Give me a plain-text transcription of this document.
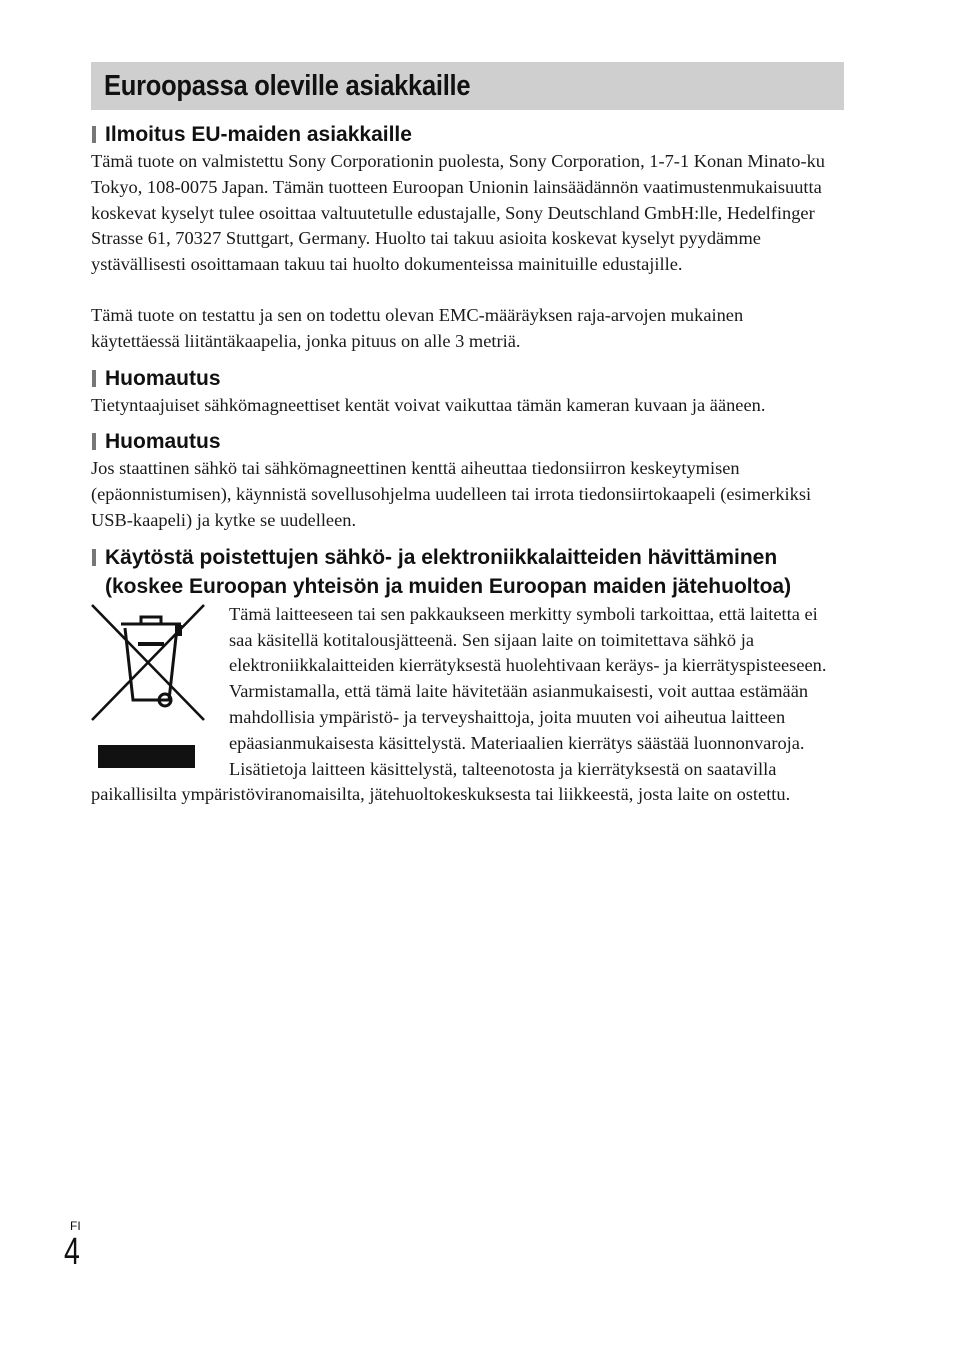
Euroopassa oleville asiakkaille
Ilmoitus EU-maiden asiakkaille

Tämä tuote on valmistettu Sony Corporationin puolesta, Sony Corporation, 1-7-1 Konan Minato-ku Tokyo, 108-0075 Japan. Tämän tuotteen Euroopan Unionin lainsäädännön vaatimustenmukaisuutta koskevat kyselyt tulee osoittaa valtuutetulle edustajalle, Sony Deutschland GmbH:lle, Hedelfinger Strasse 61, 70327 Stuttgart, Germany. Huolto tai takuu asioita koskevat kyselyt pyydämme ystävällisesti osoittamaan takuu tai huolto dokumenteissa mainituille edustajille.

Tämä tuote on testattu ja sen on todettu olevan EMC-määräyksen raja-arvojen mukainen käytettäessä liitäntäkaapelia, jonka pituus on alle 3 metriä.

Huomautus

Tietyntaajuiset sähkömagneettiset kentät voivat vaikuttaa tämän kameran kuvaan ja ääneen.

Huomautus

Jos staattinen sähkö tai sähkömagneettinen kenttä aiheuttaa tiedonsiirron keskeytymisen (epäonnistumisen), käynnistä sovellusohjelma uudelleen tai irrota tiedonsiirtokaapeli (esimerkiksi USB-kaapeli) ja kytke se uudelleen.

Käytöstä poistettujen sähkö- ja elektroniikkalaitteiden hävittäminen (koskee Euroopan yhteisön ja muiden Euroopan maiden jätehuoltoa)

Tämä laitteeseen tai sen pakkaukseen merkitty symboli tarkoittaa, että laitetta ei saa käsitellä kotitalousjätteenä. Sen sijaan laite on toimitettava sähkö ja elektroniikkalaitteiden kierrätyksestä huolehtivaan keräys- ja kierrätyspisteeseen. Varmistamalla, että tämä laite hävitetään asianmukaisesti, voit auttaa estämään mahdollisia ympäristö- ja terveyshaittoja, joita muuten voi aiheutua laitteen epäasianmukaisesta käsittelystä. Materiaalien kierrätys säästää luonnonvaroja. Lisätietoja laitteen käsittelystä, talteenotosta ja kierrätyksestä on saatavilla paikallisilta ympäristöviranomaisilta, jätehuoltokeskuksesta tai liikkeestä, josta laite on ostettu.

FI
4
